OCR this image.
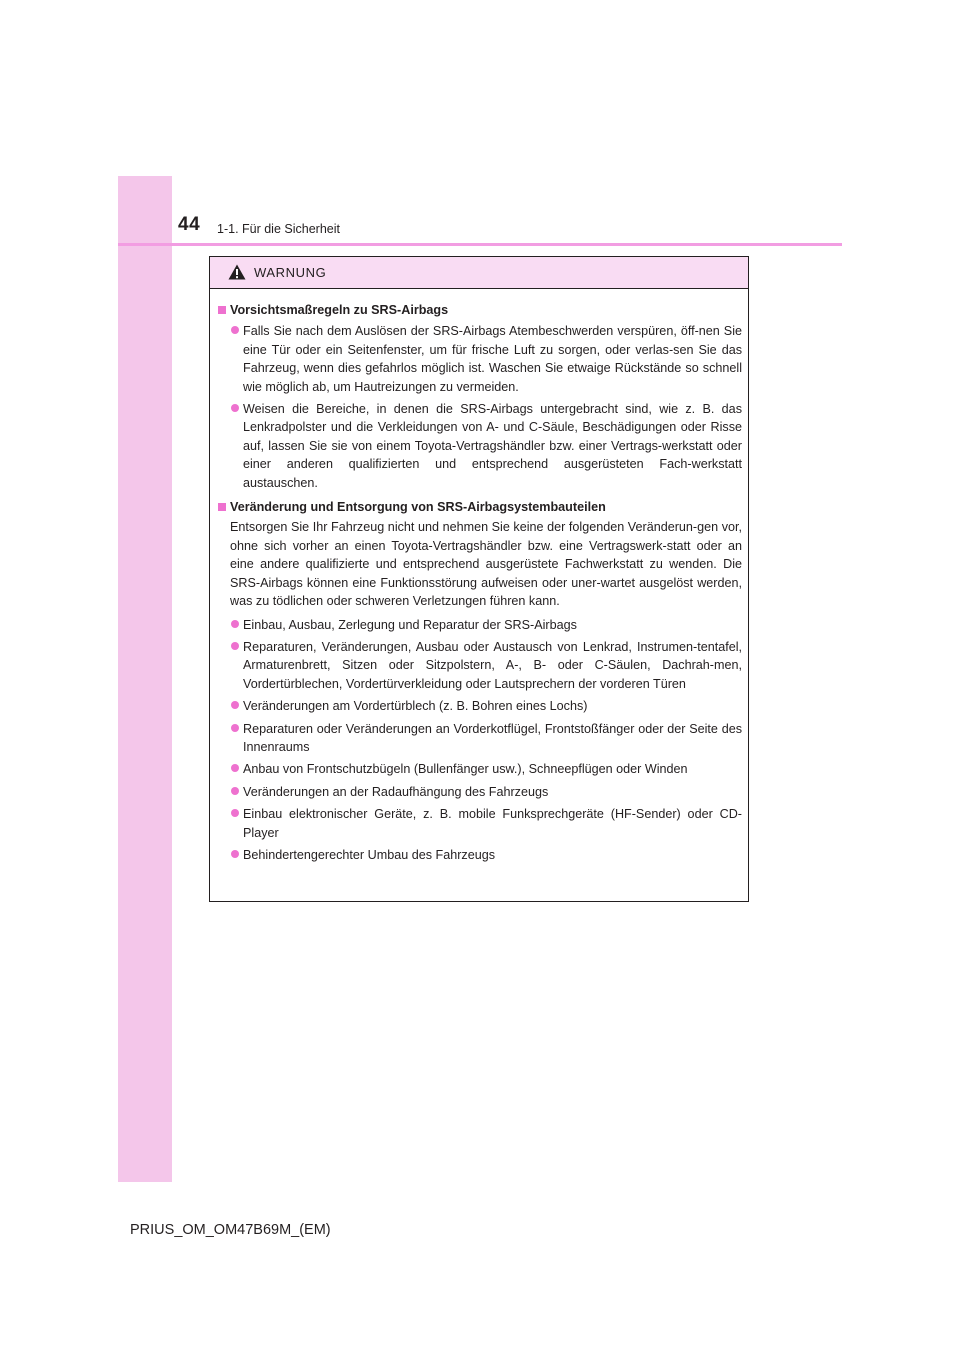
44 1-1. Für die Sicherheit
WARNUNG

Vorsichtsmaßregeln zu SRS-Airbags

Falls Sie nach dem Auslösen der SRS-Airbags Atembeschwerden verspüren, öff-nen Sie eine Tür oder ein Seitenfenster, um für frische Luft zu sorgen, oder verlas-sen Sie das Fahrzeug, wenn dies gefahrlos möglich ist. Waschen Sie etwaige Rückstände so schnell wie möglich ab, um Hautreizungen zu vermeiden.

Weisen die Bereiche, in denen die SRS-Airbags untergebracht sind, wie z. B. das Lenkradpolster und die Verkleidungen von A- und C-Säule, Beschädigungen oder Risse auf, lassen Sie sie von einem Toyota-Vertragshändler bzw. einer Vertrags-werkstatt oder einer anderen qualifizierten und entsprechend ausgerüsteten Fach-werkstatt austauschen.

Veränderung und Entsorgung von SRS-Airbagsystembauteilen

Entsorgen Sie Ihr Fahrzeug nicht und nehmen Sie keine der folgenden Veränderun-gen vor, ohne sich vorher an einen Toyota-Vertragshändler bzw. eine Vertragswerk-statt oder an eine andere qualifizierte und entsprechend ausgerüstete Fachwerkstatt zu wenden. Die SRS-Airbags können eine Funktionsstörung aufweisen oder uner-wartet ausgelöst werden, was zu tödlichen oder schweren Verletzungen führen kann.

Einbau, Ausbau, Zerlegung und Reparatur der SRS-Airbags

Reparaturen, Veränderungen, Ausbau oder Austausch von Lenkrad, Instrumen-tentafel, Armaturenbrett, Sitzen oder Sitzpolstern, A-, B- oder C-Säulen, Dachrah-men, Vordertürblechen, Vordertürverkleidung oder Lautsprechern der vorderen Türen

Veränderungen am Vordertürblech (z. B. Bohren eines Lochs)

Reparaturen oder Veränderungen an Vorderkotflügel, Frontstoßfänger oder der Seite des Innenraums

Anbau von Frontschutzbügeln (Bullenfänger usw.), Schneepflügen oder Winden

Veränderungen an der Radaufhängung des Fahrzeugs

Einbau elektronischer Geräte, z. B. mobile Funksprechgeräte (HF-Sender) oder CD-Player

Behindertengerechter Umbau des Fahrzeugs

PRIUS_OM_OM47B69M_(EM)
